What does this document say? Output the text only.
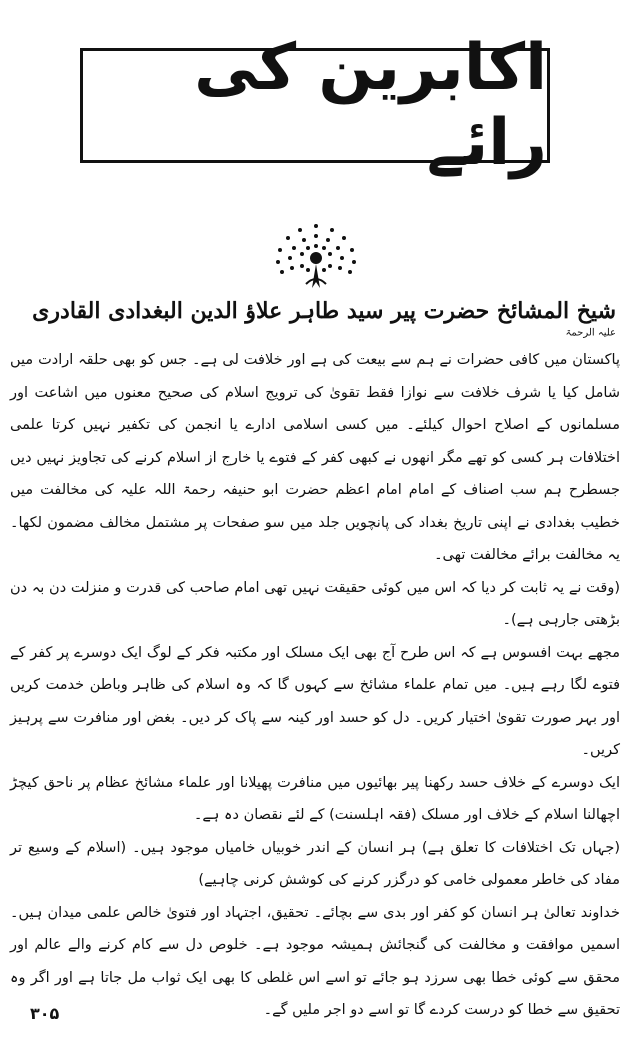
اکابرین کی رائے
شیخ المشائخ حضرت پیر سید طاہر علاؤ الدین البغدادی القادری $^{علیہ الرحمۃ}$

پاکستان میں کافی حضرات نے ہم سے بیعت کی ہے اور خلافت لی ہے۔ جس کو بھی حلقہ ارادت میں شامل کیا یا شرف خلافت سے نوازا فقط تقویٰ کی ترویج اسلام کی صحیح معنوں میں اشاعت اور مسلمانوں کے اصلاح احوال کیلئے۔ میں کسی اسلامی ادارے یا انجمن کی تکفیر نہیں کرتا علمی اختلافات ہر کسی کو تھے مگر انھوں نے کبھی کفر کے فتوے یا خارج از اسلام کرنے کی تجاویز نہیں دیں جسطرح ہم سب اصناف کے امام امام اعظم حضرت ابو حنیفہ رحمۃ اللہ علیہ کی مخالفت میں خطیب بغدادی نے اپنی تاریخ بغداد کی پانچویں جلد میں سو صفحات پر مشتمل مخالف مضمون لکھا۔ یہ مخالفت برائے مخالفت تھی۔

(وقت نے یہ ثابت کر دیا کہ اس میں کوئی حقیقت نہیں تھی امام صاحب کی قدرت و منزلت دن بہ دن بڑھتی جارہی ہے)۔

مجھے بہت افسوس ہے کہ اس طرح آج بھی ایک مسلک اور مکتبہ فکر کے لوگ ایک دوسرے پر کفر کے فتوے لگا رہے ہیں۔ میں تمام علماء مشائخ سے کہوں گا کہ وہ اسلام کی ظاہر وباطن خدمت کریں اور بہر صورت تقویٰ اختیار کریں۔ دل کو حسد اور کینہ سے پاک کر دیں۔ بغض اور منافرت سے پرہیز کریں۔

ایک دوسرے کے خلاف حسد رکھنا پیر بھائیوں میں منافرت پھیلانا اور علماء مشائخ عظام پر ناحق کیچڑ اچھالنا اسلام کے خلاف اور مسلک (فقہ اہلسنت) کے لئے نقصان دہ ہے۔

(جہاں تک اختلافات کا تعلق ہے) ہر انسان کے اندر خوبیاں خامیاں موجود ہیں۔ (اسلام کے وسیع تر مفاد کی خاطر معمولی خامی کو درگزر کرنے کی کوشش کرنی چاہیے)

خداوند تعالیٰ ہر انسان کو کفر اور بدی سے بچائے۔ تحقیق، اجتہاد اور فتویٰ خالص علمی میدان ہیں۔ اسمیں موافقت و مخالفت کی گنجائش ہمیشہ موجود ہے۔ خلوص دل سے کام کرنے والے عالم اور محقق سے کوئی خطا بھی سرزد ہو جائے تو اسے اس غلطی کا بھی ایک ثواب مل جاتا ہے اور اگر وہ تحقیق سے خطا کو درست کردے گا تو اسے دو اجر ملیں گے۔

۳۰۵
